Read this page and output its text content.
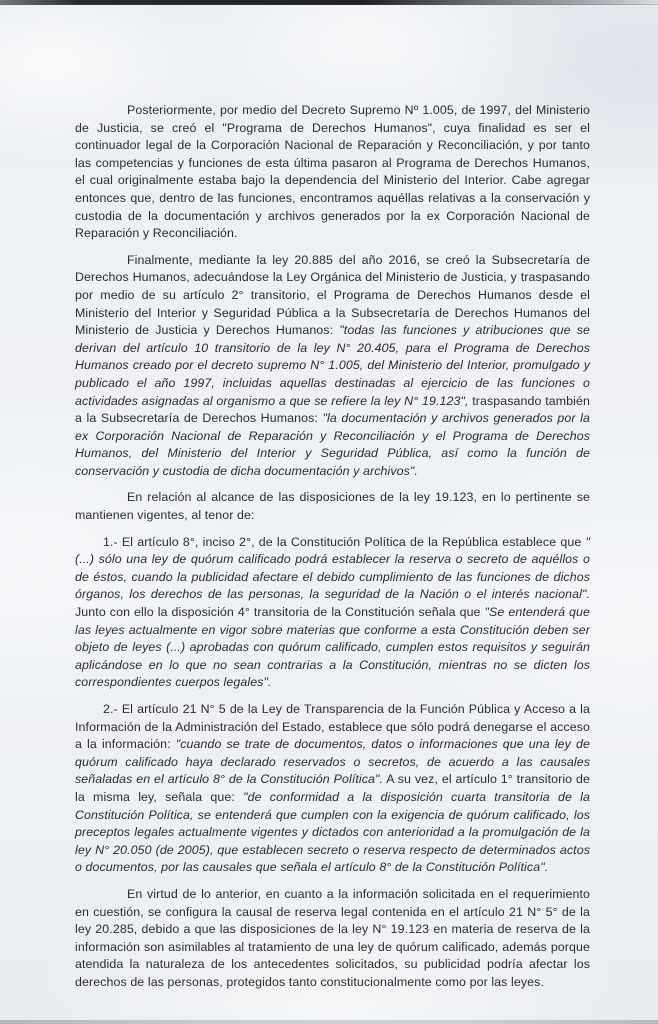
Posteriormente, por medio del Decreto Supremo Nº 1.005, de 1997, del Ministerio de Justicia, se creó el "Programa de Derechos Humanos", cuya finalidad es ser el continuador legal de la Corporación Nacional de Reparación y Reconciliación, y por tanto las competencias y funciones de esta última pasaron al Programa de Derechos Humanos, el cual originalmente estaba bajo la dependencia del Ministerio del Interior. Cabe agregar entonces que, dentro de las funciones, encontramos aquéllas relativas a la conservación y custodia de la documentación y archivos generados por la ex Corporación Nacional de Reparación y Reconciliación.

Finalmente, mediante la ley 20.885 del año 2016, se creó la Subsecretaría de Derechos Humanos, adecuándose la Ley Orgánica del Ministerio de Justicia, y traspasando por medio de su artículo 2° transitorio, el Programa de Derechos Humanos desde el Ministerio del Interior y Seguridad Pública a la Subsecretaría de Derechos Humanos del Ministerio de Justicia y Derechos Humanos: "todas las funciones y atribuciones que se derivan del artículo 10 transitorio de la ley N° 20.405, para el Programa de Derechos Humanos creado por el decreto supremo N° 1.005, del Ministerio del Interior, promulgado y publicado el año 1997, incluidas aquellas destinadas al ejercicio de las funciones o actividades asignadas al organismo a que se refiere la ley N° 19.123", traspasando también a la Subsecretaría de Derechos Humanos: "la documentación y archivos generados por la ex Corporación Nacional de Reparación y Reconciliación y el Programa de Derechos Humanos, del Ministerio del Interior y Seguridad Pública, así como la función de conservación y custodia de dicha documentación y archivos".

En relación al alcance de las disposiciones de la ley 19.123, en lo pertinente se mantienen vigentes, al tenor de:

1.- El artículo 8°, inciso 2°, de la Constitución Política de la República establece que "(...) sólo una ley de quórum calificado podrá establecer la reserva o secreto de aquéllos o de éstos, cuando la publicidad afectare el debido cumplimiento de las funciones de dichos órganos, los derechos de las personas, la seguridad de la Nación o el interés nacional". Junto con ello la disposición 4° transitoria de la Constitución señala que "Se entenderá que las leyes actualmente en vigor sobre materias que conforme a esta Constitución deben ser objeto de leyes (...) aprobadas con quórum calificado, cumplen estos requisitos y seguirán aplicándose en lo que no sean contrarias a la Constitución, mientras no se dicten los correspondientes cuerpos legales".

2.- El artículo 21 N° 5 de la Ley de Transparencia de la Función Pública y Acceso a la Información de la Administración del Estado, establece que sólo podrá denegarse el acceso a la información: "cuando se trate de documentos, datos o informaciones que una ley de quórum calificado haya declarado reservados o secretos, de acuerdo a las causales señaladas en el artículo 8° de la Constitución Política". A su vez, el artículo 1° transitorio de la misma ley, señala que: "de conformidad a la disposición cuarta transitoria de la Constitución Política, se entenderá que cumplen con la exigencia de quórum calificado, los preceptos legales actualmente vigentes y dictados con anterioridad a la promulgación de la ley N° 20.050 (de 2005), que establecen secreto o reserva respecto de determinados actos o documentos, por las causales que señala el artículo 8° de la Constitución Política".

En virtud de lo anterior, en cuanto a la información solicitada en el requerimiento en cuestión, se configura la causal de reserva legal contenida en el artículo 21 N° 5° de la ley 20.285, debido a que las disposiciones de la ley N° 19.123 en materia de reserva de la información son asimilables al tratamiento de una ley de quórum calificado, además porque atendida la naturaleza de los antecedentes solicitados, su publicidad podría afectar los derechos de las personas, protegidos tanto constitucionalmente como por las leyes.
